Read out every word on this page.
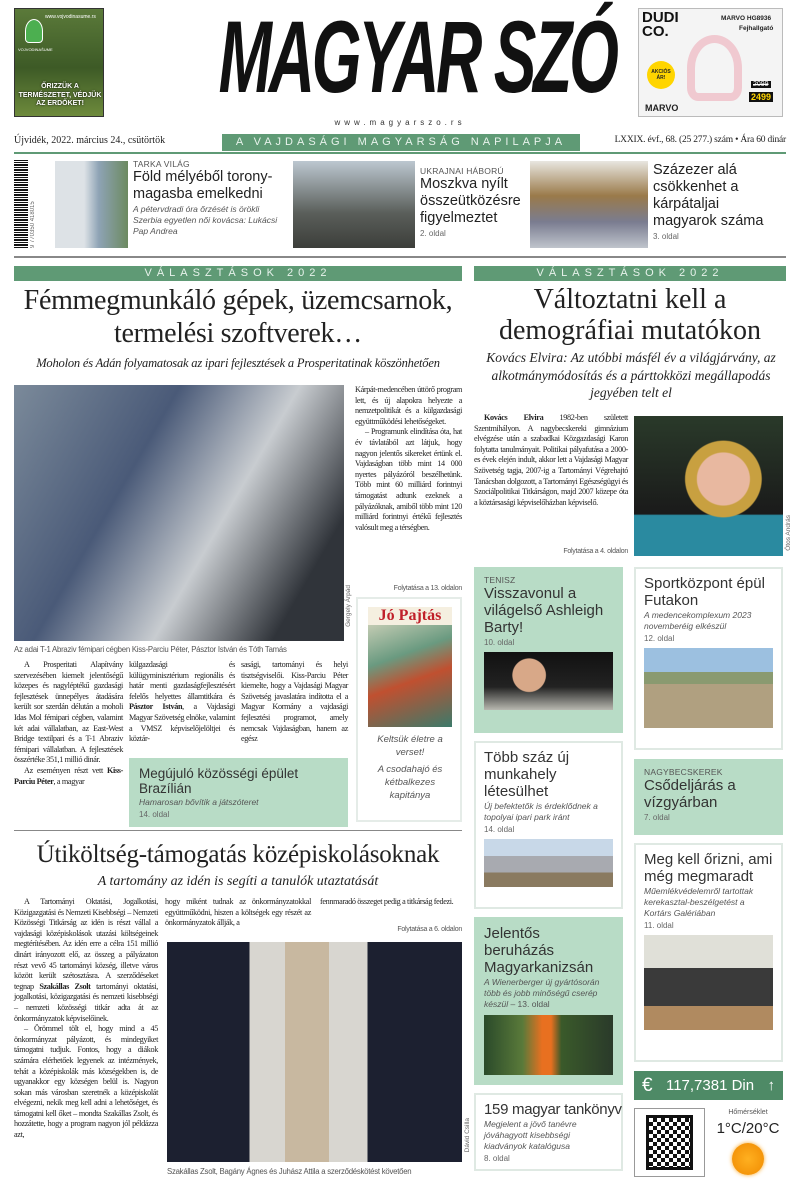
www.vojvodinasume.rs
VOJVODINAŠUME
ŐRIZZÜK A TERMÉSZETET, VÉDJÜK AZ ERDŐKET! MAGYAR SZÓ
www.magyarszo.rs
DUDI CO.
MARVO HG8936
Fejhallgató
AKCIÓS ÁR!
2099
2499
MARVO
Újvidék, 2022. március 24., csütörtök	A VAJDASÁGI MAGYARSÁG NAPILAPJA	LXXIX. évf., 68. (25 277.) szám • Ára 60 dinár
9 770350 418015
TARKA VILÁG
Föld mélyéből torony-magasba emelkedni
A pétervdradi óra őrzését is örökli Szerbia egyetlen női kovácsa: Lukácsi Pap Andrea
UKRAJNAI HÁBORÚ
Moszkva nyílt összeütközésre figyelmeztet
2. oldal
Százezer alá csökkenhet a kárpátaljai magyarok száma
3. oldal
VÁLASZTÁSOK 2022
Fémmegmunkáló gépek, üzemcsarnok, termelési szoftverek…
Moholon és Adán folyamatosak az ipari fejlesztések a Prosperitatinak köszönhetően
Gergely Árpád
Kárpát-medencében úttörő program lett, és új alapokra helyezte a nemzetpolitikát és a külgazdasági együttműködési lehetőségeket.

– Programunk elindítása óta, hat év távlatából azt látjuk, hogy nagyon jelentős sikereket értünk el. Vajdaságban több mint 14 000 nyertes pályázóról beszélhetünk. Több mint 60 milliárd forintnyi támogatást adtunk ezeknek a pályázóknak, amiből több mint 120 milliárd forintnyi értékű fejlesztés valósult meg a térségben.

Folytatása a 13. oldalon
Jó Pajtás
Keltsük életre a verset!
A csodahajó és kétbalkezes kapitánya
Az adai T-1 Abraziv fémipari cégben Kiss-Parciu Péter, Pásztor István és Tóth Tamás

A Prosperitati Alapítvány szervezésében kiemelt jelentőségű közepes és nagyléptékű gazdasági fejlesztések ünnepélyes átadására került sor szerdán délután a moholi Idas Mol fémipari cégben, valamint két adai vállalatban, az East-West Bridge textilpari és a T-1 Abraziv fémipari vállalatban. A fejlesztések összértéke 351,1 millió dinár.

Az eseményen részt vett Kiss-Parciu Péter, a magyar

külgazdasági és külügyminisztérium regionális és határ menti gazdaságfejlesztésért felelős helyettes államtitkára és Pásztor István, a Vajdasági Magyar Szövetség elnöke, valamint a VMSZ képviselőjelöltjei és köztár-
sasági, tartományi és helyi tisztségviselői. Kiss-Parciu Péter kiemelte, hogy a Vajdasági Magyar Szövetség javaslatára indította el a Magyar Kormány a vajdasági fejlesztési programot, amely nemcsak Vajdaságban, hanem az egész
Megújuló közösségi épület Brazílián
Hamarosan bővítik a játszóteret
14. oldal
Útiköltség-támogatás középiskolásoknak
A tartomány az idén is segíti a tanulók utaztatását

A Tartományi Oktatási, Jogalkotási, Közigazgatási és Nemzeti Kisebbségi – Nemzeti Közösségi Titkárság az idén is részt vállal a vajdasági középiskolások utazási költségeinek megtérítésében. Az idén erre a célra 151 millió dinárt irányozott elő, az összeg a pályázaton részt vevő 45 tartományi község, illetve város között került szétosztásra. A szerződéseket tegnap Szakállas Zsolt tartományi oktatási, jogalkotási, közigazgatási és nemzeti kisebbségi – nemzeti közösségi titkár adta át az önkormányzatok képviselőinek.

– Örömmel tölt el, hogy mind a 45 önkormányzat pályázott, és mindegyiket támogatni tudjuk. Fontos, hogy a diákok számára elérhetőek legyenek az intézmények, tehát a középiskolák más községekben is, de ugyanakkor egy községen belül is. Nagyon sokan más városban szeretnék a középiskolát elvégezni, nekik meg kell adni a lehetőséget, és támogatni kell őket – mondta Szakállas Zsolt, és hozzátette, hogy a program nagyon jól példázza azt,

hogy miként tudnak az önkormányzatokkal együttműködni, hiszen a költségek egy részét az önkormányzatok állják, a
fennmaradó összeget pedig a titkárság fedezi.
Folytatása a 6. oldalon
Dávid Csilla
Szakállas Zsolt, Bagány Ágnes és Juhász Attila a szerződéskötést követően
VÁLASZTÁSOK 2022
Változtatni kell a demográfiai mutatókon
Kovács Elvira: Az utóbbi másfél év a világjárvány, az alkotmánymódosítás és a párttokközi megállapodás jegyében telt el

Kovács Elvira 1982-ben született Szentmihályon. A nagybecskereki gimnázium elvégzése után a szabadkai Közgazdasági Karon folytatta tanulmányait. Politikai pályafutása a 2000-es évek elején indult, akkor lett a Vajdasági Magyar Szövetség tagja, 2007-ig a Tartományi Végrehajtó Tanácsban dolgozott, a Tartományi Egészségügyi és Szociálpolitikai Titkárságon, majd 2007 közepe óta a köztársasági képviselőházban képviselő.

Folytatása a 4. oldalon
Ótos András
TENISZ
Visszavonul a világelső Ashleigh Barty!
10. oldal
Sportközpont épül Futakon
A medencekomplexum 2023 novemberéig elkészül
12. oldal
Több száz új munkahely létesülhet
Új befektetők is érdeklődnek a topolyai ipari park iránt
14. oldal
NAGYBECSKEREK
Csődeljárás a vízgyárban
7. oldal
Meg kell őrizni, ami még megmaradt
Műemlékvédelemről tartottak kerekasztal-beszélgetést a Kortárs Galériában
11. oldal
Jelentős beruházás Magyarkanizsán
A Wienerberger új gyártósorán több és jobb minőségű cserép készül – 13. oldal
159 magyar tankönyv
Megjelent a jövő tanévre jóváhagyott kisebbségi kiadványok katalógusa
8. oldal
€ 117,7381 Din ↑
Hőmérséklet
1°C/20°C
